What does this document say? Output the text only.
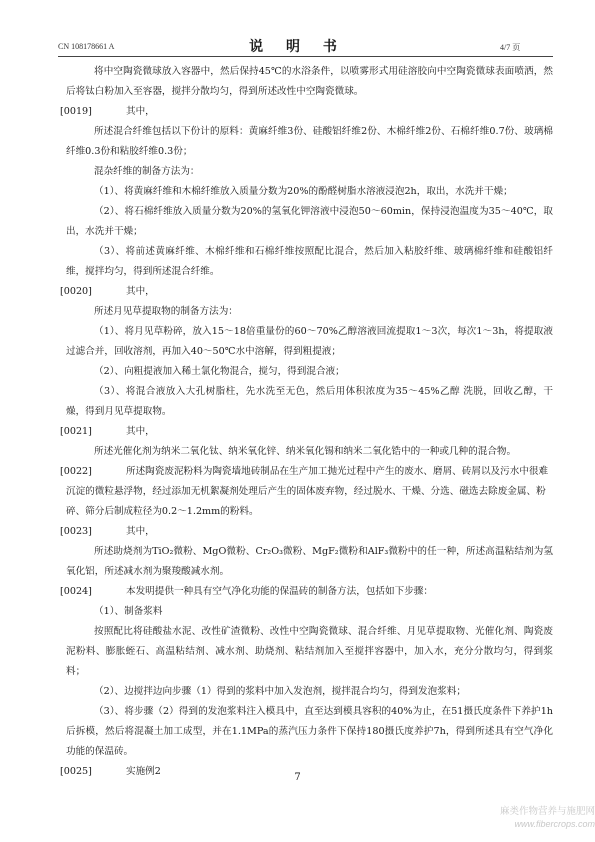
CN 108178661 A	说 明 书	4/7 页

将中空陶瓷微球放入容器中，然后保持45℃的水浴条件，以喷雾形式用硅溶胶向中空陶瓷微球表面喷洒，然后将钛白粉加入至容器，搅拌分散均匀，得到所述改性中空陶瓷微球。

[0019]	其中，

所述混合纤维包括以下份计的原料：黄麻纤维3份、硅酸铝纤维2份、木棉纤维2份、石棉纤维0.7份、玻璃棉纤维0.3份和粘胶纤维0.3份；

混杂纤维的制备方法为：

（1）、将黄麻纤维和木棉纤维放入质量分数为20%的酚醛树脂水溶液浸泡2h，取出，水洗并干燥；

（2）、将石棉纤维放入质量分数为20%的氢氧化钾溶液中浸泡50～60min，保持浸泡温度为35～40℃，取出，水洗并干燥；

（3）、将前述黄麻纤维、木棉纤维和石棉纤维按照配比混合，然后加入粘胶纤维、玻璃棉纤维和硅酸铝纤维，搅拌均匀，得到所述混合纤维。

[0020]	其中，

所述月见草提取物的制备方法为：

（1）、将月见草粉碎，放入15～18倍重量份的60～70%乙醇溶液回流提取1～3次，每次1～3h，将提取液过滤合并，回收溶剂，再加入40～50℃水中溶解，得到粗提液；

（2）、向粗提液加入稀土氯化物混合，搅匀，得到混合液；

（3）、将混合液放入大孔树脂柱，先水洗至无色，然后用体积浓度为35～45%乙醇 洗脱，回收乙醇，干燥，得到月见草提取物。

[0021]	其中，

所述光催化剂为纳米二氧化钛、纳米氧化锌、纳米氧化锡和纳米二氧化锆中的一种或几种的混合物。

[0022]	所述陶瓷废泥粉料为陶瓷墙地砖制品在生产加工抛光过程中产生的废水、磨屑、砖屑以及污水中很难沉淀的微粒悬浮物，经过添加无机絮凝剂处理后产生的固体废弃物，经过脱水、干燥、分选、磁选去除废金属、粉碎、筛分后制成粒径为0.2～1.2mm的粉料。

[0023]	其中，

所述助烧剂为TiO₂微粉、MgO微粉、Cr₂O₃微粉、MgF₂微粉和AlF₃微粉中的任一种，所述高温粘结剂为氢氧化铝，所述减水剂为聚羧酸减水剂。

[0024]	本发明提供一种具有空气净化功能的保温砖的制备方法，包括如下步骤：

（1）、制备浆料

按照配比将硅酸盐水泥、改性矿渣微粉、改性中空陶瓷微球、混合纤维、月见草提取物、光催化剂、陶瓷废泥粉料、膨胀蛭石、高温粘结剂、减水剂、助烧剂、粘结剂加入至搅拌容器中，加入水，充分分散均匀，得到浆料；

（2）、边搅拌边向步骤（1）得到的浆料中加入发泡剂，搅拌混合均匀，得到发泡浆料；

（3）、将步骤（2）得到的发泡浆料注入模具中，直至达到模具容积的40%为止，在51摄氏度条件下养护1h后拆模，然后将混凝土加工成型，并在1.1MPa的蒸汽压力条件下保持180摄氏度养护7h，得到所述具有空气净化功能的保温砖。

[0025]	实施例2

7
麻类作物营养与施肥网
www.fibercrops.com
